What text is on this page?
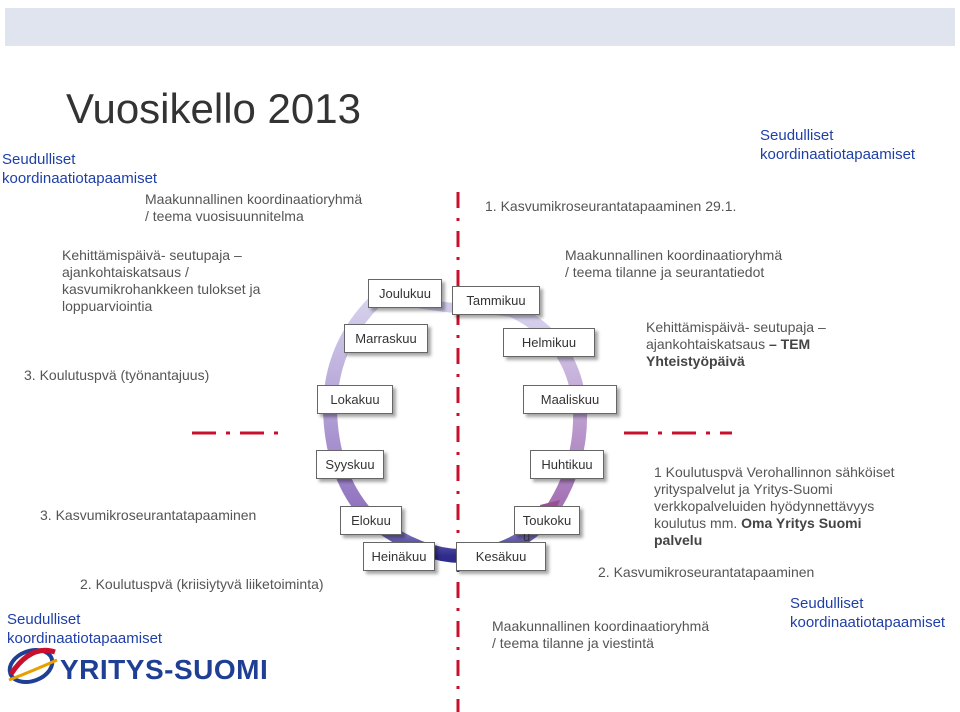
Vuosikello 2013
Joulukuu	Tammikuu
Marraskuu	Helmikuu
Lokakuu	Maaliskuu
Syyskuu	Huhtikuu
Elokuu	Toukoku
Heinäkuu	Kesäkuu
u
Seudulliset
koordinaatiotapaamiset
Seudulliset
koordinaatiotapaamiset
Seudulliset
koordinaatiotapaamiset
Seudulliset
koordinaatiotapaamiset
Maakunnallinen koordinaatioryhmä
/ teema vuosisuunnitelma
1. Kasvumikroseurantatapaaminen 29.1.
Kehittämispäivä- seutupaja –
ajankohtaiskatsaus /
kasvumikrohankkeen tulokset ja
loppuarviointia
3. Koulutuspvä (työnantajuus)
Maakunnallinen koordinaatioryhmä
/ teema tilanne ja seurantatiedot
Kehittämispäivä- seutupaja –
ajankohtaiskatsaus – TEM
Yhteistyöpäivä
3. Kasvumikroseurantatapaaminen
2. Koulutuspvä (kriisiytyvä liiketoiminta)
1 Koulutuspvä Verohallinnon sähköiset
yrityspalvelut ja Yritys-Suomi
verkkopalveluiden hyödynnettävyys
koulutus mm. Oma Yritys Suomi
palvelu
2. Kasvumikroseurantatapaaminen
Maakunnallinen koordinaatioryhmä
/ teema tilanne ja viestintä
YRITYS-SUOMI
